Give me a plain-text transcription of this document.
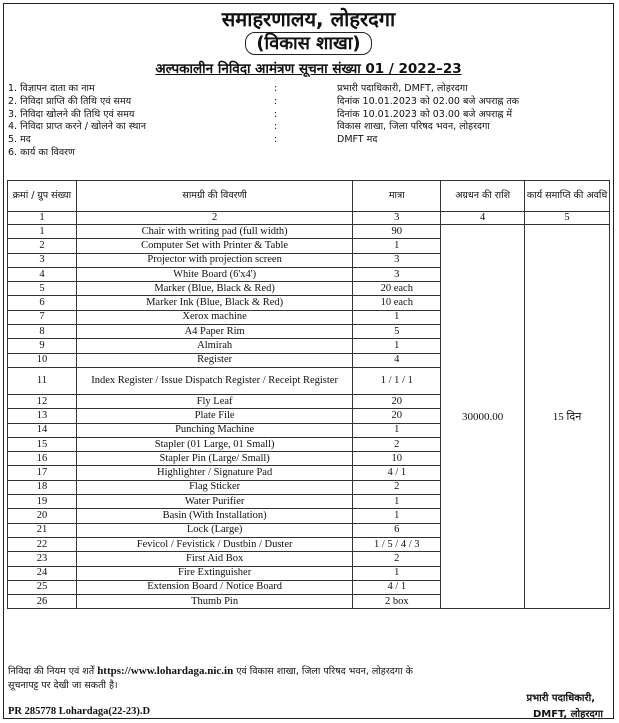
समाहरणालय, लोहरदगा
(विकास शाखा)
अल्पकालीन निविदा आमंत्रण सूचना संख्या 01 / 2022–23
1. विज्ञापन दाता का नाम	:	प्रभारी पदाधिकारी, DMFT, लोहरदगा
2. निविदा प्राप्ति की तिथि एवं समय	:	दिनांक 10.01.2023 को 02.00 बजे अपराह्न तक
3. निविदा खोलने की तिथि एवं समय	:	दिनांक 10.01.2023 को 03.00 बजे अपराह्न में
4. निविदा प्राप्त करने / खोलने का स्थान	:	विकास शाखा, जिला परिषद भवन, लोहरदगा
5. मद	:	DMFT मद
6. कार्य का विवरण
क्रमां / ग्रुप संख्या	सामग्री की विवरणी	मात्रा	अग्रधन की राशि	कार्य समाप्ति की अवधि
1	2	3	4	5
1	Chair with writing pad (full width)	90	30000.00	15 दिन
2	Computer Set with Printer & Table	1		
3	Projector with projection screen	3		
4	White Board (6'x4')	3		
5	Marker (Blue, Black & Red)	20 each		
6	Marker Ink (Blue, Black & Red)	10 each		
7	Xerox machine	1		
8	A4 Paper Rim	5		
9	Almirah	1		
10	Register	4		
11	Index Register / Issue Dispatch Register / Receipt Register	1 / 1 / 1		
12	Fly Leaf	20		
13	Plate File	20		
14	Punching Machine	1		
15	Stapler (01 Large, 01 Small)	2		
16	Stapler Pin (Large/ Small)	10		
17	Highlighter / Signature Pad	4 / 1		
18	Flag Sticker	2		
19	Water Purifier	1		
20	Basin (With Installation)	1		
21	Lock (Large)	6		
22	Fevicol / Fevistick / Dustbin / Duster	1 / 5 / 4 / 3		
23	First Aid Box	2		
24	Fire Extinguisher	1		
25	Extension Board / Notice Board	4 / 1		
26	Thumb Pin	2 box		
निविदा की नियम एवं शर्तें https://www.lohardaga.nic.in एवं विकास शाखा, जिला परिषद भवन, लोहरदगा के
सूचनापट्ट पर देखी जा सकती है।
प्रभारी पदाधिकारी,
PR 285778 Lohardaga(22-23).D	DMFT, लोहरदगा
